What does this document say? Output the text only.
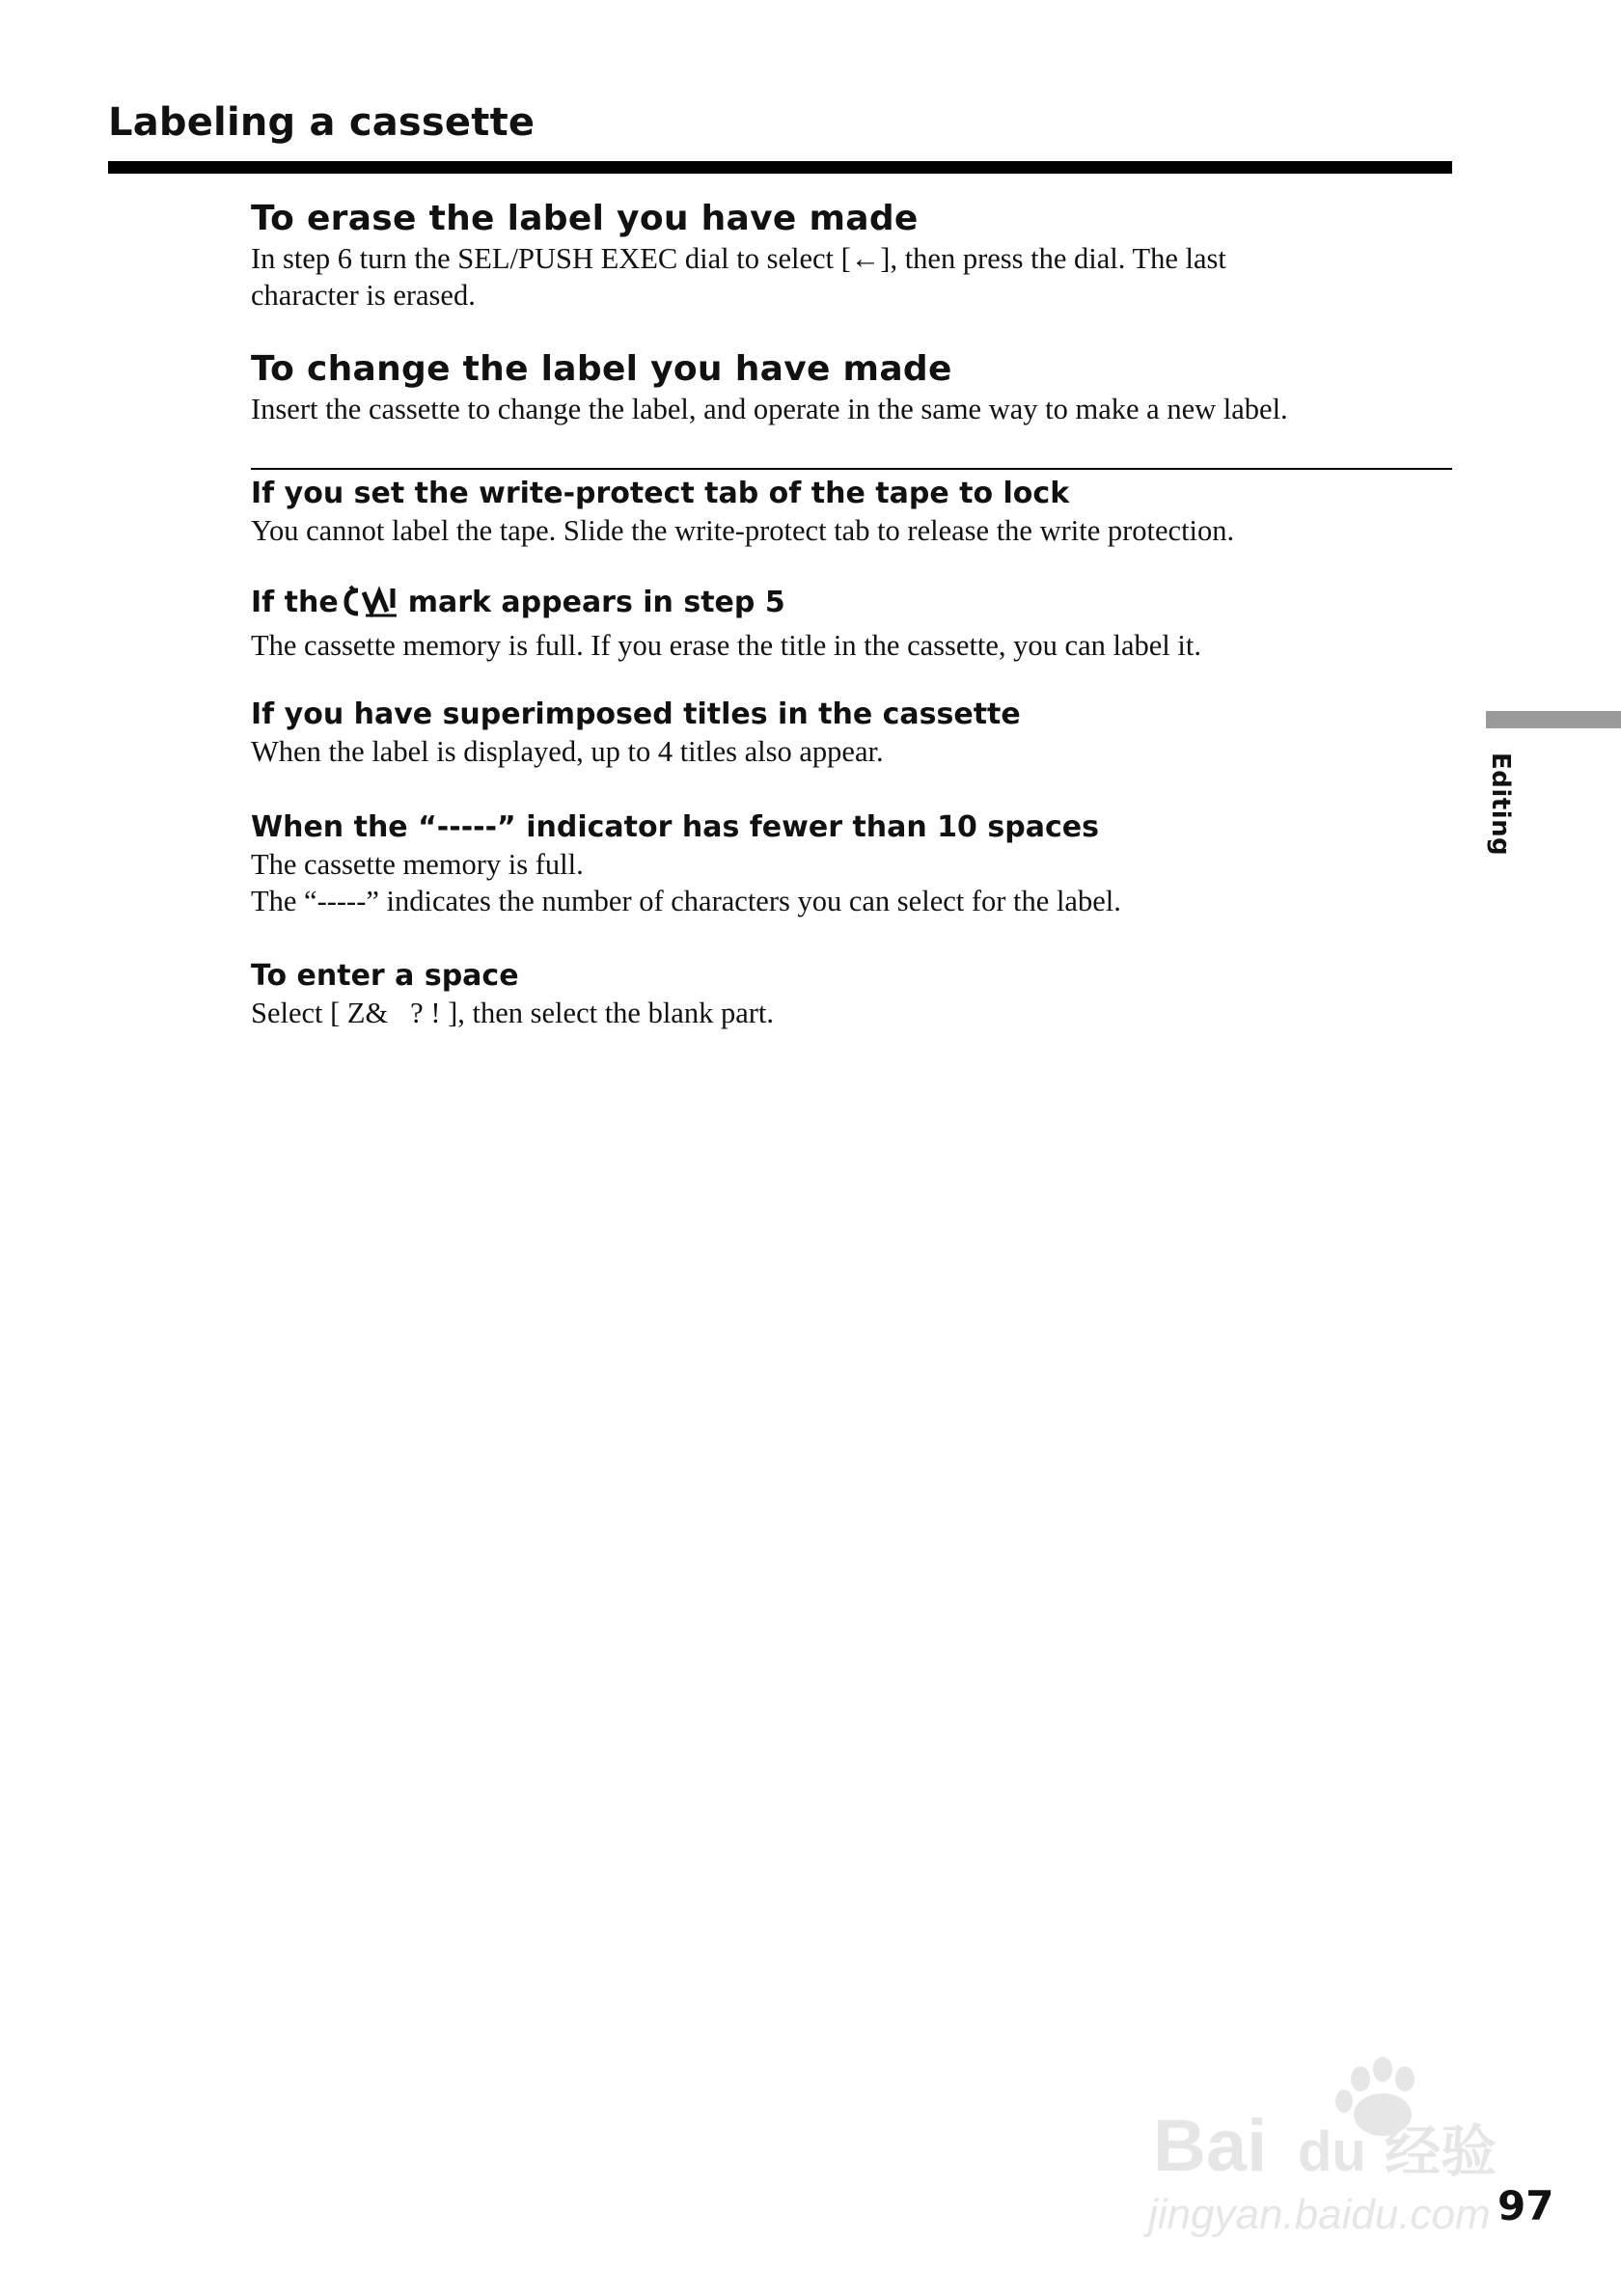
Labeling a cassette
To erase the label you have made

In step 6 turn the SEL/PUSH EXEC dial to select [←], then press the dial. The last
character is erased.

To change the label you have made

Insert the cassette to change the label, and operate in the same way to make a new label.

If you set the write-protect tab of the tape to lock

You cannot label the tape. Slide the write-protect tab to release the write protection.

If the mark appears in step 5

The cassette memory is full. If you erase the title in the cassette, you can label it.

If you have superimposed titles in the cassette

When the label is displayed, up to 4 titles also appear.

When the “-----” indicator has fewer than 10 spaces

The cassette memory is full.
The “-----” indicates the number of characters you can select for the label.

To enter a space

Select [ Z&   ? ! ], then select the blank part.

Editing
Bai du 经验
jingyan.baidu.com 97
